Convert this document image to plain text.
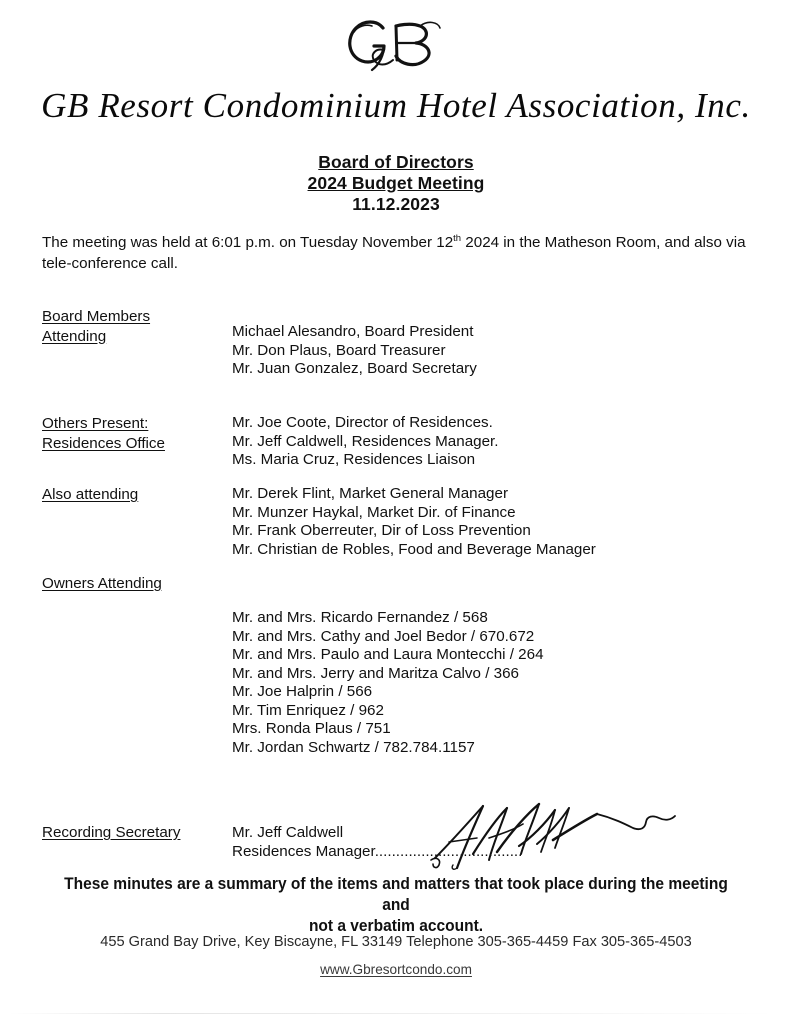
GB Resort Condominium Hotel Association, Inc.
Board of Directors
2024 Budget Meeting
11.12.2023
The meeting was held at 6:01 p.m. on Tuesday November 12th 2024 in the Matheson Room, and also via tele-conference call.
Board Members
Attending	Michael Alesandro, Board President
Mr. Don Plaus, Board Treasurer
Mr. Juan Gonzalez, Board Secretary
Others Present:
Residences Office
Mr. Joe Coote, Director of Residences.
Mr. Jeff Caldwell, Residences Manager.
Ms. Maria Cruz, Residences Liaison
Also attending	Mr. Derek Flint, Market General Manager
Mr. Munzer Haykal, Market Dir. of Finance
Mr. Frank Oberreuter, Dir of Loss Prevention
Mr. Christian de Robles, Food and Beverage Manager
Owners Attending
Mr. and Mrs. Ricardo Fernandez / 568
Mr. and Mrs. Cathy and Joel Bedor / 670.672
Mr. and Mrs. Paulo and Laura Montecchi / 264
Mr. and Mrs. Jerry and Maritza Calvo / 366
Mr. Joe Halprin / 566
Mr. Tim Enriquez / 962
Mrs. Ronda Plaus / 751
Mr. Jordan Schwartz / 782.784.1157
Recording Secretary	Mr. Jeff Caldwell
Residences Manager...................................
These minutes are a summary of the items and matters that took place during the meeting and
not a verbatim account.
455 Grand Bay Drive, Key Biscayne, FL 33149 Telephone 305-365-4459 Fax 305-365-4503
www.Gbresortcondo.com
